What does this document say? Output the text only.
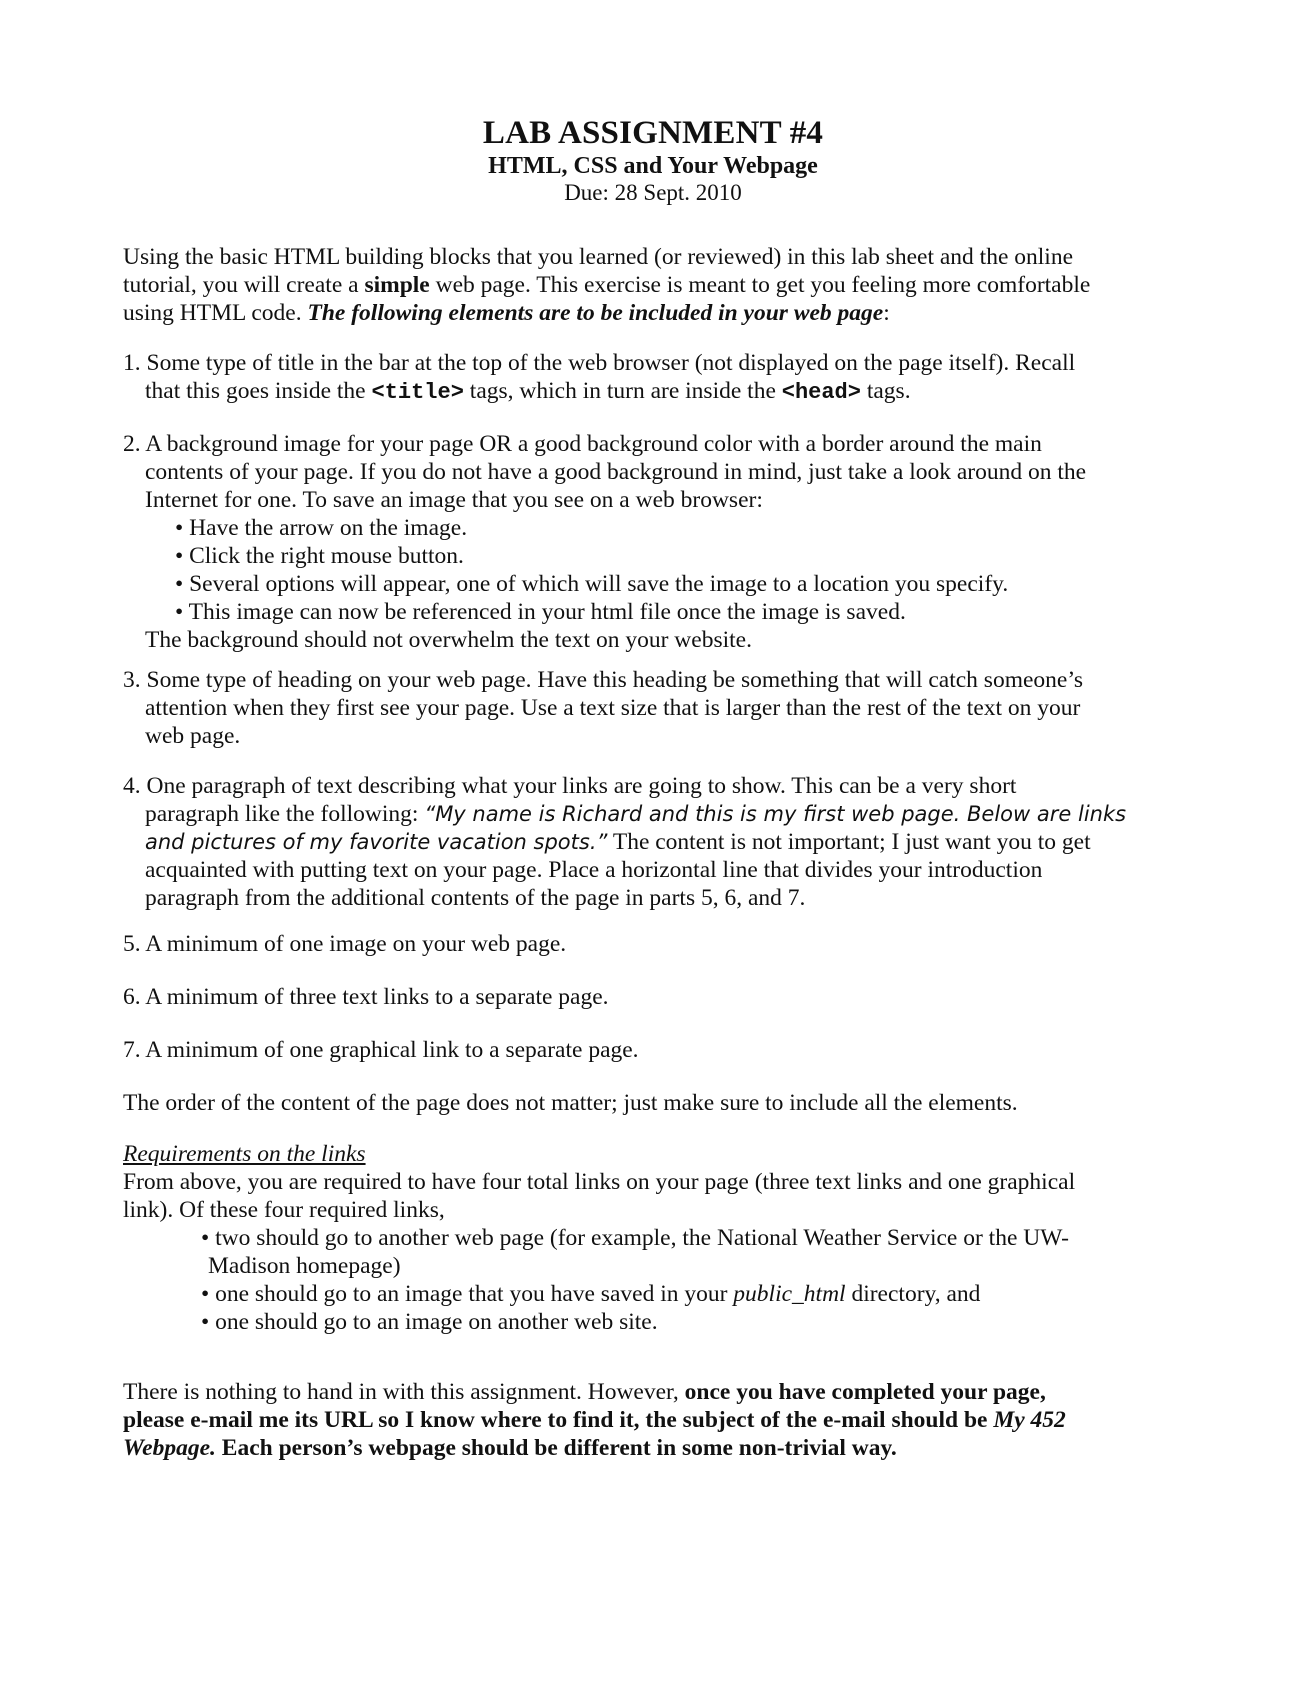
LAB ASSIGNMENT #4
HTML, CSS and Your Webpage
Due: 28 Sept. 2010
Using the basic HTML building blocks that you learned (or reviewed) in this lab sheet and the online
tutorial, you will create a simple web page. This exercise is meant to get you feeling more comfortable
using HTML code. The following elements are to be included in your web page:
1. Some type of title in the bar at the top of the web browser (not displayed on the page itself). Recall
that this goes inside the <title> tags, which in turn are inside the <head> tags.
2. A background image for your page OR a good background color with a border around the main
contents of your page. If you do not have a good background in mind, just take a look around on the
Internet for one. To save an image that you see on a web browser:
• Have the arrow on the image.
• Click the right mouse button.
• Several options will appear, one of which will save the image to a location you specify.
• This image can now be referenced in your html file once the image is saved.
The background should not overwhelm the text on your website.
3. Some type of heading on your web page. Have this heading be something that will catch someone’s
attention when they first see your page. Use a text size that is larger than the rest of the text on your
web page.
4. One paragraph of text describing what your links are going to show. This can be a very short
paragraph like the following: “My name is Richard and this is my first web page. Below are links
and pictures of my favorite vacation spots.” The content is not important; I just want you to get
acquainted with putting text on your page. Place a horizontal line that divides your introduction
paragraph from the additional contents of the page in parts 5, 6, and 7.
5. A minimum of one image on your web page.
6. A minimum of three text links to a separate page.
7. A minimum of one graphical link to a separate page.
The order of the content of the page does not matter; just make sure to include all the elements.
Requirements on the links
From above, you are required to have four total links on your page (three text links and one graphical
link). Of these four required links,
• two should go to another web page (for example, the National Weather Service or the UW-
Madison homepage)
• one should go to an image that you have saved in your public_html directory, and
• one should go to an image on another web site.
There is nothing to hand in with this assignment. However, once you have completed your page,
please e-mail me its URL so I know where to find it, the subject of the e-mail should be My 452
Webpage. Each person’s webpage should be different in some non-trivial way.
